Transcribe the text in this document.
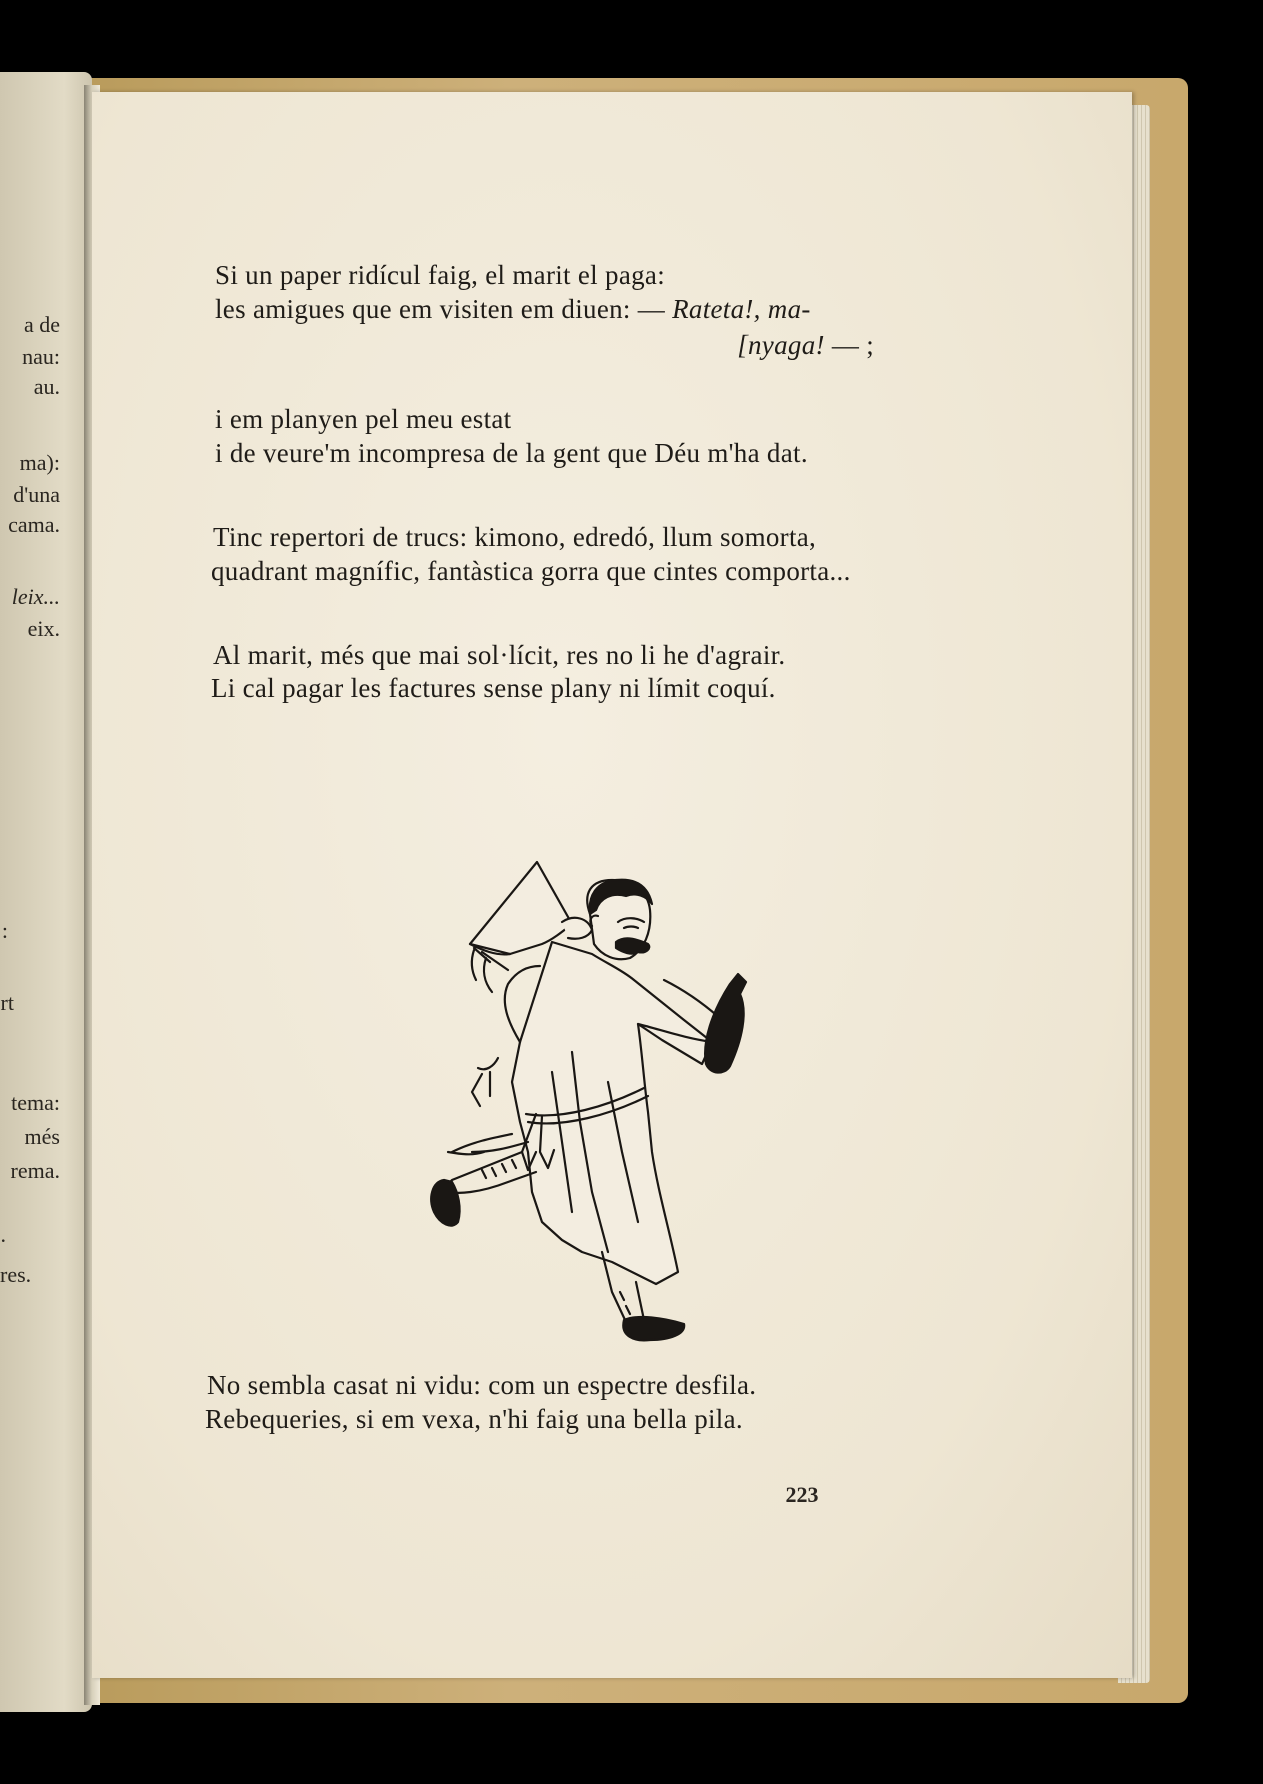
a de
nau:
au.
ma):
d'una
cama.
leix...
eix.
:
rt
tema:
més
rema.
.
res.
Si un paper ridícul faig, el marit el paga:
les amigues que em visiten em diuen: — Rateta!, ma-
[nyaga! — ;
i em planyen pel meu estat
i de veure'm incompresa de la gent que Déu m'ha dat.
Tinc repertori de trucs: kimono, edredó, llum somorta,
quadrant magnífic, fantàstica gorra que cintes comporta...
Al marit, més que mai sol·lícit, res no li he d'agrair.
Li cal pagar les factures sense plany ni límit coquí.
No sembla casat ni vidu: com un espectre desfila.
Rebequeries, si em vexa, n'hi faig una bella pila.
223
